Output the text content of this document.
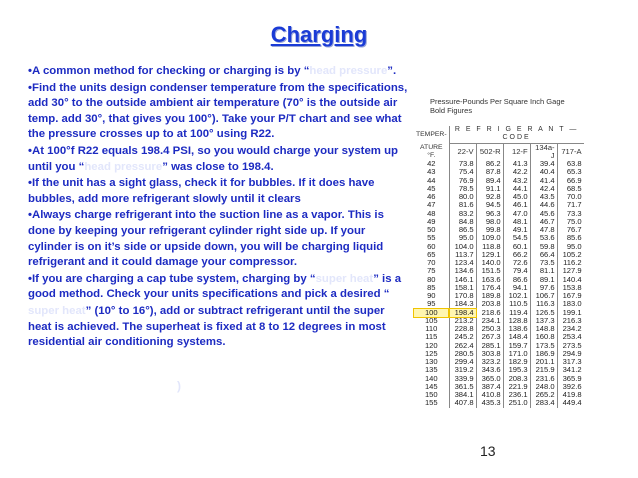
Charging

•A common method for checking or charging is by “head pressure”.

•Find the units design condenser temperature from the specifications, add 30° to the outside ambient air temperature (70° is the outside air temp. add 30°, that gives you 100°). Take your P/T chart and see what the pressure crosses up to at 100° using R22.

•At 100°f R22 equals 198.4 PSI, so you would charge your system up until you “head pressure” was close to 198.4.

•If the unit has a sight glass, check it for bubbles. If it does have bubbles, add more refrigerant slowly until it clears

•Always charge refrigerant into the suction line as a vapor. This is done by keeping your refrigerant cylinder right side up. If your cylinder is on it’s side or upside down, you will be charging liquid refrigerant and it could damage your compressor.

•If you are charging a cap tube system, charging by “super heat” is a good method. Check your units specifications and pick a desired “

super heat” (10° to 16°), add or subtract refrigerant until the super heat is achieved. The superheat is fixed at 8 to 12 degrees in most residential air conditioning systems.

Pressure-Pounds Per Square Inch Gage
Bold Figures
TEMPER-	R E F R I G E R A N T — CODE				
ATURE	22-V	502-R	12-F	134a-J	717-A
°F.					
42	73.8	86.2	41.3	39.4	63.8
43	75.4	87.8	42.2	40.4	65.3
44	76.9	89.4	43.2	41.4	66.9
45	78.5	91.1	44.1	42.4	68.5
46	80.0	92.8	45.0	43.5	70.0
47	81.6	94.5	46.1	44.6	71.7
48	83.2	96.3	47.0	45.6	73.3
49	84.8	98.0	48.1	46.7	75.0
50	86.5	99.8	49.1	47.8	76.7
55	95.0	109.0	54.5	53.6	85.6
60	104.0	118.8	60.1	59.8	95.0
65	113.7	129.1	66.2	66.4	105.2
70	123.4	140.0	72.6	73.5	116.2
75	134.6	151.5	79.4	81.1	127.9
80	146.1	163.6	86.6	89.1	140.4
85	158.1	176.4	94.1	97.6	153.8
90	170.8	189.8	102.1	106.7	167.9
95	184.3	203.8	110.5	116.3	183.0
100	198.4	218.6	119.4	126.5	199.1
105	213.2	234.1	128.8	137.3	216.3
110	228.8	250.3	138.6	148.8	234.2
115	245.2	267.3	148.4	160.8	253.4
120	262.4	285.1	159.7	173.5	273.5
125	280.5	303.8	171.0	186.9	294.9
130	299.4	323.2	182.9	201.1	317.3
135	319.2	343.6	195.3	215.9	341.2
140	339.9	365.0	208.3	231.6	365.9
145	361.5	387.4	221.9	248.0	392.6
150	384.1	410.8	236.1	265.2	419.8
155	407.8	435.3	251.0	283.4	449.4
)
13
